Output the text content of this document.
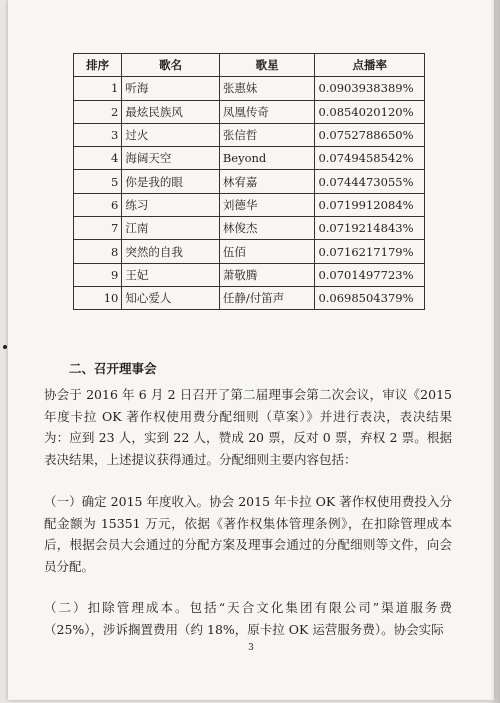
排序	歌名	歌星	点播率
1	听海	张惠妹	0.0903938389%
2	最炫民族风	凤凰传奇	0.0854020120%
3	过火	张信哲	0.0752788650%
4	海阔天空	Beyond	0.0749458542%
5	你是我的眼	林宥嘉	0.0744473055%
6	练习	刘德华	0.0719912084%
7	江南	林俊杰	0.0719214843%
8	突然的自我	伍佰	0.0716217179%
9	王妃	萧敬腾	0.0701497723%
10	知心爱人	任静/付笛声	0.0698504379%
二、召开理事会

协会于 2016 年 6 月 2 日召开了第二届理事会第二次会议，审议《2015 年度卡拉 OK 著作权使用费分配细则（草案）》并进行表决，表决结果为：应到 23 人，实到 22 人，赞成 20 票，反对 0 票，弃权 2 票。根据表决结果，上述提议获得通过。分配细则主要内容包括：

（一）确定 2015 年度收入。协会 2015 年卡拉 OK 著作权使用费投入分配金额为 15351 万元，依据《著作权集体管理条例》，在扣除管理成本后，根据会员大会通过的分配方案及理事会通过的分配细则等文件，向会员分配。

（二）扣除管理成本。包括“天合文化集团有限公司”渠道服务费（25%），涉诉搁置费用（约 18%，原卡拉 OK 运营服务费）。协会实际

3
